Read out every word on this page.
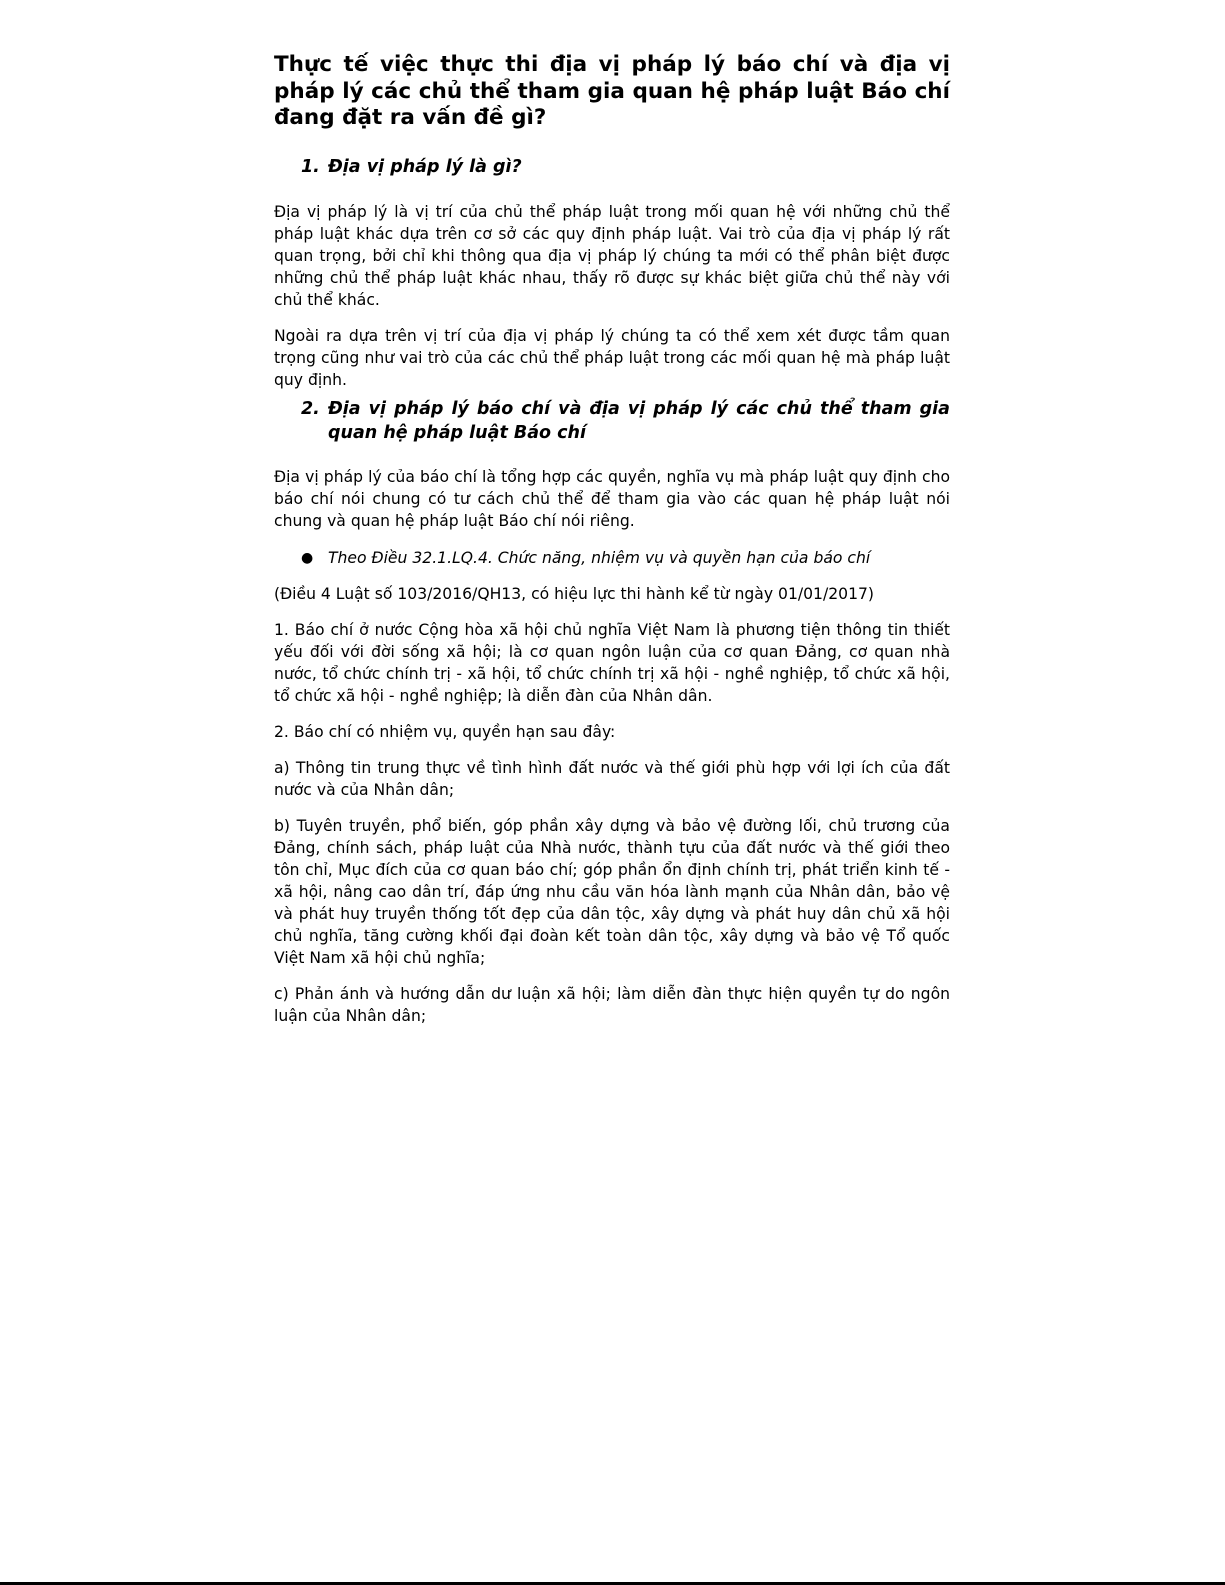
Thực tế việc thực thi địa vị pháp lý báo chí và địa vị pháp lý các chủ thể tham gia quan hệ pháp luật Báo chí đang đặt ra vấn đề gì?
1. Địa vị pháp lý là gì?

Địa vị pháp lý là vị trí của chủ thể pháp luật trong mối quan hệ với những chủ thể pháp luật khác dựa trên cơ sở các quy định pháp luật. Vai trò của địa vị pháp lý rất quan trọng, bởi chỉ khi thông qua địa vị pháp lý chúng ta mới có thể phân biệt được những chủ thể pháp luật khác nhau, thấy rõ được sự khác biệt giữa chủ thể này với chủ thể khác.

Ngoài ra dựa trên vị trí của địa vị pháp lý chúng ta có thể xem xét được tầm quan trọng cũng như vai trò của các chủ thể pháp luật trong các mối quan hệ mà pháp luật quy định.

2. Địa vị pháp lý báo chí và địa vị pháp lý các chủ thể tham gia quan hệ pháp luật Báo chí

Địa vị pháp lý của báo chí là tổng hợp các quyền, nghĩa vụ mà pháp luật quy định cho báo chí nói chung có tư cách chủ thể để tham gia vào các quan hệ pháp luật nói chung và quan hệ pháp luật Báo chí nói riêng.

● Theo Điều 32.1.LQ.4. Chức năng, nhiệm vụ và quyền hạn của báo chí

(Điều 4 Luật số 103/2016/QH13, có hiệu lực thi hành kể từ ngày 01/01/2017)

1. Báo chí ở nước Cộng hòa xã hội chủ nghĩa Việt Nam là phương tiện thông tin thiết yếu đối với đời sống xã hội; là cơ quan ngôn luận của cơ quan Đảng, cơ quan nhà nước, tổ chức chính trị - xã hội, tổ chức chính trị xã hội - nghề nghiệp, tổ chức xã hội, tổ chức xã hội - nghề nghiệp; là diễn đàn của Nhân dân.

2. Báo chí có nhiệm vụ, quyền hạn sau đây:

a) Thông tin trung thực về tình hình đất nước và thế giới phù hợp với lợi ích của đất nước và của Nhân dân;

b) Tuyên truyền, phổ biến, góp phần xây dựng và bảo vệ đường lối, chủ trương của Đảng, chính sách, pháp luật của Nhà nước, thành tựu của đất nước và thế giới theo tôn chỉ, Mục đích của cơ quan báo chí; góp phần ổn định chính trị, phát triển kinh tế - xã hội, nâng cao dân trí, đáp ứng nhu cầu văn hóa lành mạnh của Nhân dân, bảo vệ và phát huy truyền thống tốt đẹp của dân tộc, xây dựng và phát huy dân chủ xã hội chủ nghĩa, tăng cường khối đại đoàn kết toàn dân tộc, xây dựng và bảo vệ Tổ quốc Việt Nam xã hội chủ nghĩa;

c) Phản ánh và hướng dẫn dư luận xã hội; làm diễn đàn thực hiện quyền tự do ngôn luận của Nhân dân;
